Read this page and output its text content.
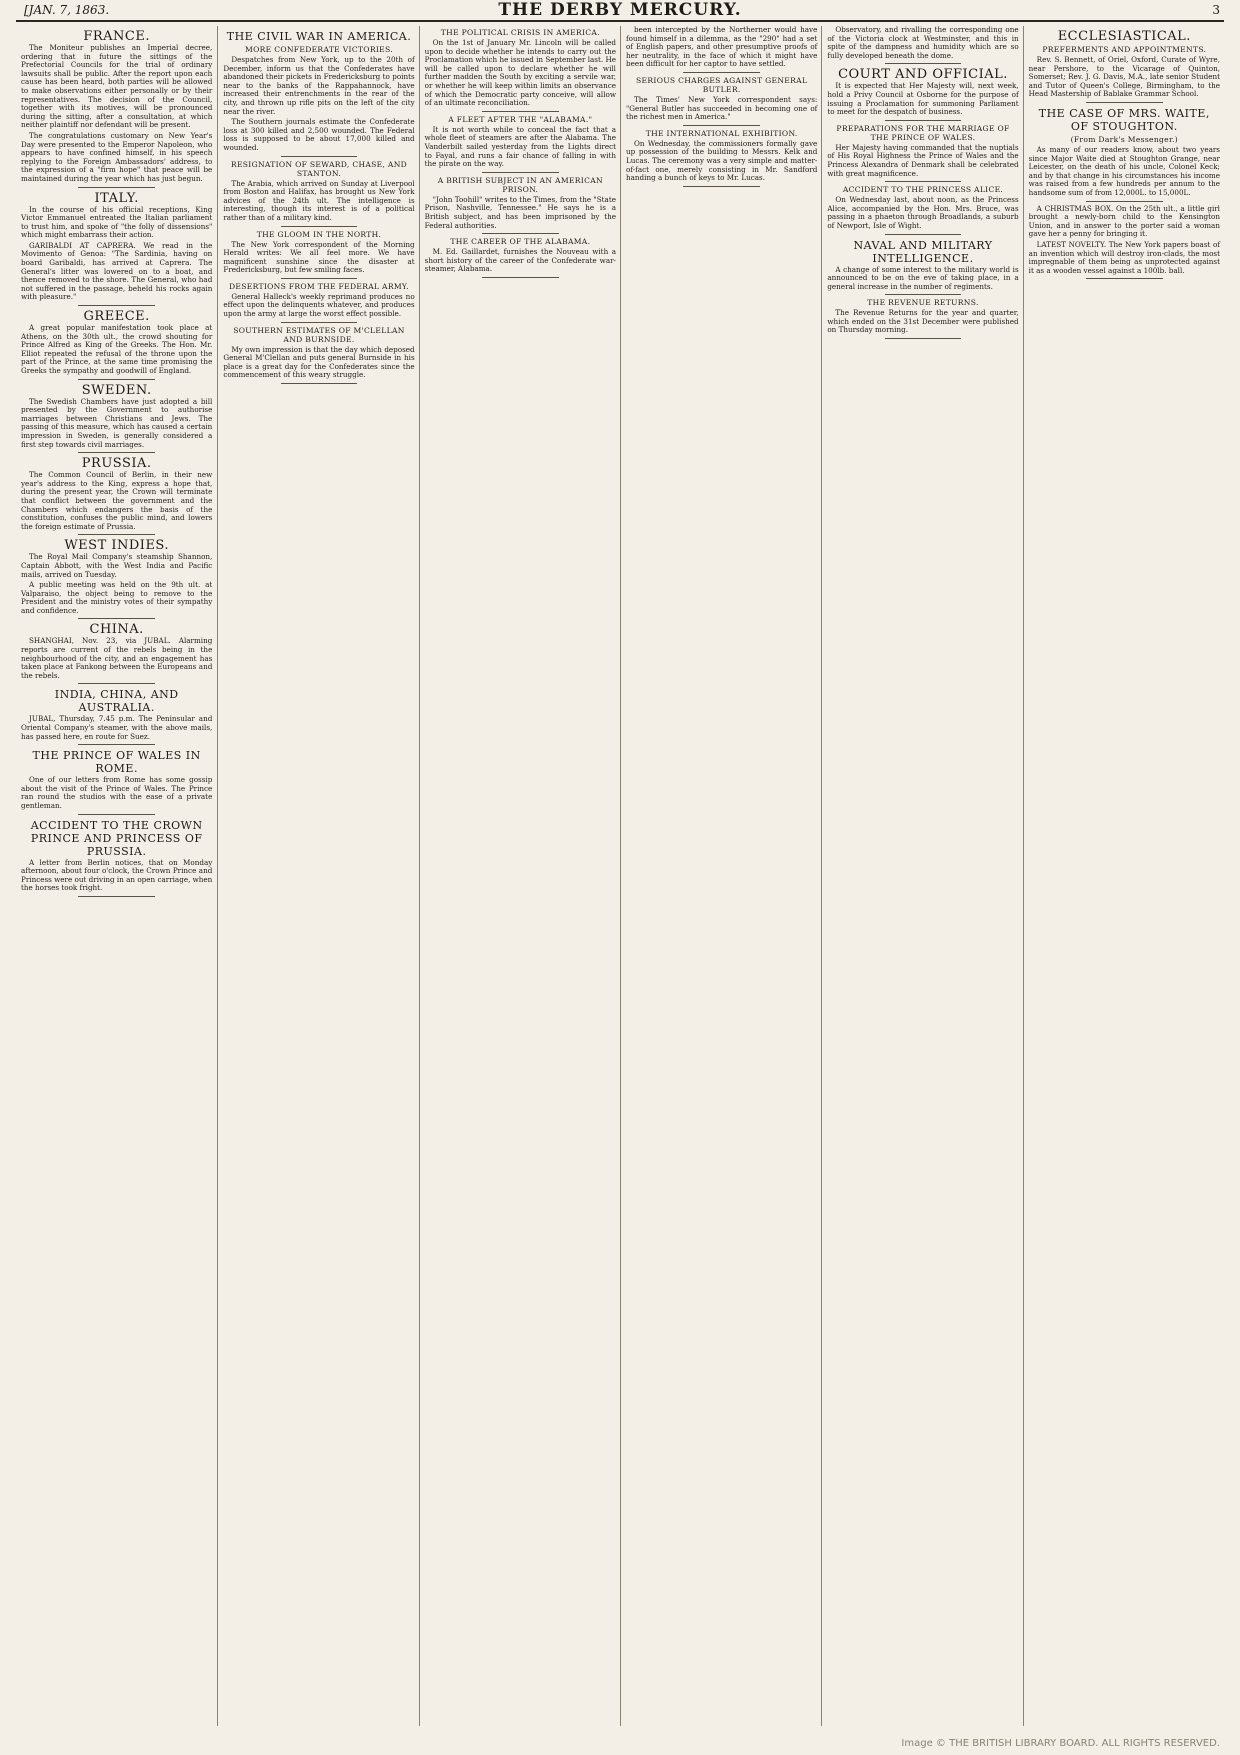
[JAN. 7, 1863.	THE DERBY MERCURY.	3
FRANCE.

The Moniteur publishes an Imperial decree, ordering that in future the sittings of the Prefectorial Councils for the trial of ordinary lawsuits shall be public. After the report upon each cause has been heard, both parties will be allowed to make observations either personally or by their representatives. The decision of the Council, together with its motives, will be pronounced during the sitting, after a consultation, at which neither plaintiff nor defendant will be present.

The congratulations customary on New Year's Day were presented to the Emperor Napoleon, who appears to have confined himself, in his speech replying to the Foreign Ambassadors' address, to the expression of a "firm hope" that peace will be maintained during the year which has just begun.

ITALY.

In the course of his official receptions, King Victor Emmanuel entreated the Italian parliament to trust him, and spoke of "the folly of dissensions" which might embarrass their action.

GARIBALDI AT CAPRERA. We read in the Movimento of Genoa: "The Sardinia, having on board Garibaldi, has arrived at Caprera. The General's litter was lowered on to a boat, and thence removed to the shore. The General, who had not suffered in the passage, beheld his rocks again with pleasure."

GREECE.

A great popular manifestation took place at Athens, on the 30th ult., the crowd shouting for Prince Alfred as King of the Greeks. The Hon. Mr. Elliot repeated the refusal of the throne upon the part of the Prince, at the same time promising the Greeks the sympathy and goodwill of England.

SWEDEN.

The Swedish Chambers have just adopted a bill presented by the Government to authorise marriages between Christians and Jews. The passing of this measure, which has caused a certain impression in Sweden, is generally considered a first step towards civil marriages.

PRUSSIA.

The Common Council of Berlin, in their new year's address to the King, express a hope that, during the present year, the Crown will terminate that conflict between the government and the Chambers which endangers the basis of the constitution, confuses the public mind, and lowers the foreign estimate of Prussia.

WEST INDIES.

The Royal Mail Company's steamship Shannon, Captain Abbott, with the West India and Pacific mails, arrived on Tuesday.

A public meeting was held on the 9th ult. at Valparaiso, the object being to remove to the President and the ministry votes of their sympathy and confidence.

CHINA.

SHANGHAI, Nov. 23, via JUBAL. Alarming reports are current of the rebels being in the neighbourhood of the city, and an engagement has taken place at Fankong between the Europeans and the rebels.

INDIA, CHINA, AND AUSTRALIA.

JUBAL, Thursday, 7.45 p.m. The Peninsular and Oriental Company's steamer, with the above mails, has passed here, en route for Suez.

THE PRINCE OF WALES IN ROME.

One of our letters from Rome has some gossip about the visit of the Prince of Wales. The Prince ran round the studios with the ease of a private gentleman.

ACCIDENT TO THE CROWN PRINCE AND PRINCESS OF PRUSSIA.

A letter from Berlin notices, that on Monday afternoon, about four o'clock, the Crown Prince and Princess were out driving in an open carriage, when the horses took fright.

THE CIVIL WAR IN AMERICA.
MORE CONFEDERATE VICTORIES.

Despatches from New York, up to the 20th of December, inform us that the Confederates have abandoned their pickets in Fredericksburg to points near to the banks of the Rappahannock, have increased their entrenchments in the rear of the city, and thrown up rifle pits on the left of the city near the river.

The Southern journals estimate the Confederate loss at 300 killed and 2,500 wounded. The Federal loss is supposed to be about 17,000 killed and wounded.

RESIGNATION OF SEWARD, CHASE, AND STANTON.

The Arabia, which arrived on Sunday at Liverpool from Boston and Halifax, has brought us New York advices of the 24th ult. The intelligence is interesting, though its interest is of a political rather than of a military kind.

THE GLOOM IN THE NORTH.

The New York correspondent of the Morning Herald writes: We all feel more. We have magnificent sunshine since the disaster at Fredericksburg, but few smiling faces.

DESERTIONS FROM THE FEDERAL ARMY.

General Halleck's weekly reprimand produces no effect upon the delinquents whatever, and produces upon the army at large the worst effect possible.

SOUTHERN ESTIMATES OF M'CLELLAN AND BURNSIDE.

My own impression is that the day which deposed General M'Clellan and puts general Burnside in his place is a great day for the Confederates since the commencement of this weary struggle.

THE POLITICAL CRISIS IN AMERICA.

On the 1st of January Mr. Lincoln will be called upon to decide whether he intends to carry out the Proclamation which he issued in September last. He will be called upon to declare whether he will further madden the South by exciting a servile war, or whether he will keep within limits an observance of which the Democratic party conceive, will allow of an ultimate reconciliation.

A FLEET AFTER THE "ALABAMA."

It is not worth while to conceal the fact that a whole fleet of steamers are after the Alabama. The Vanderbilt sailed yesterday from the Lights direct to Fayal, and runs a fair chance of falling in with the pirate on the way.

A BRITISH SUBJECT IN AN AMERICAN PRISON.

"John Toohill" writes to the Times, from the "State Prison, Nashville, Tennessee." He says he is a British subject, and has been imprisoned by the Federal authorities.

THE CAREER OF THE ALABAMA.

M. Ed. Gaillardet, furnishes the Nouveau with a short history of the career of the Confederate war-steamer, Alabama.

been intercepted by the Northerner would have found himself in a dilemma, as the "290" had a set of English papers, and other presumptive proofs of her neutrality, in the face of which it might have been difficult for her captor to have settled.

SERIOUS CHARGES AGAINST GENERAL BUTLER.

The Times' New York correspondent says: "General Butler has succeeded in becoming one of the richest men in America."

THE INTERNATIONAL EXHIBITION.

On Wednesday, the commissioners formally gave up possession of the building to Messrs. Kelk and Lucas. The ceremony was a very simple and matter-of-fact one, merely consisting in Mr. Sandford handing a bunch of keys to Mr. Lucas.

Observatory, and rivalling the corresponding one of the Victoria clock at Westminster, and this in spite of the dampness and humidity which are so fully developed beneath the dome.

COURT AND OFFICIAL.

It is expected that Her Majesty will, next week, hold a Privy Council at Osborne for the purpose of issuing a Proclamation for summoning Parliament to meet for the despatch of business.

PREPARATIONS FOR THE MARRIAGE OF THE PRINCE OF WALES.

Her Majesty having commanded that the nuptials of His Royal Highness the Prince of Wales and the Princess Alexandra of Denmark shall be celebrated with great magnificence.

ACCIDENT TO THE PRINCESS ALICE.

On Wednesday last, about noon, as the Princess Alice, accompanied by the Hon. Mrs. Bruce, was passing in a phaeton through Broadlands, a suburb of Newport, Isle of Wight.

NAVAL AND MILITARY INTELLIGENCE.

A change of some interest to the military world is announced to be on the eve of taking place, in a general increase in the number of regiments.

THE REVENUE RETURNS.

The Revenue Returns for the year and quarter, which ended on the 31st December were published on Thursday morning.

ECCLESIASTICAL.
PREFERMENTS AND APPOINTMENTS.

Rev. S. Bennett, of Oriel, Oxford, Curate of Wyre, near Pershore, to the Vicarage of Quinton, Somerset; Rev. J. G. Davis, M.A., late senior Student and Tutor of Queen's College, Birmingham, to the Head Mastership of Bablake Grammar School.

THE CASE OF MRS. WAITE, OF STOUGHTON.
(From Dark's Messenger.)

As many of our readers know, about two years since Major Waite died at Stoughton Grange, near Leicester, on the death of his uncle, Colonel Keck; and by that change in his circumstances his income was raised from a few hundreds per annum to the handsome sum of from 12,000L. to 15,000L.

A CHRISTMAS BOX. On the 25th ult., a little girl brought a newly-born child to the Kensington Union, and in answer to the porter said a woman gave her a penny for bringing it.

LATEST NOVELTY. The New York papers boast of an invention which will destroy iron-clads, the most impregnable of them being as unprotected against it as a wooden vessel against a 100lb. ball.

Image © THE BRITISH LIBRARY BOARD. ALL RIGHTS RESERVED.
